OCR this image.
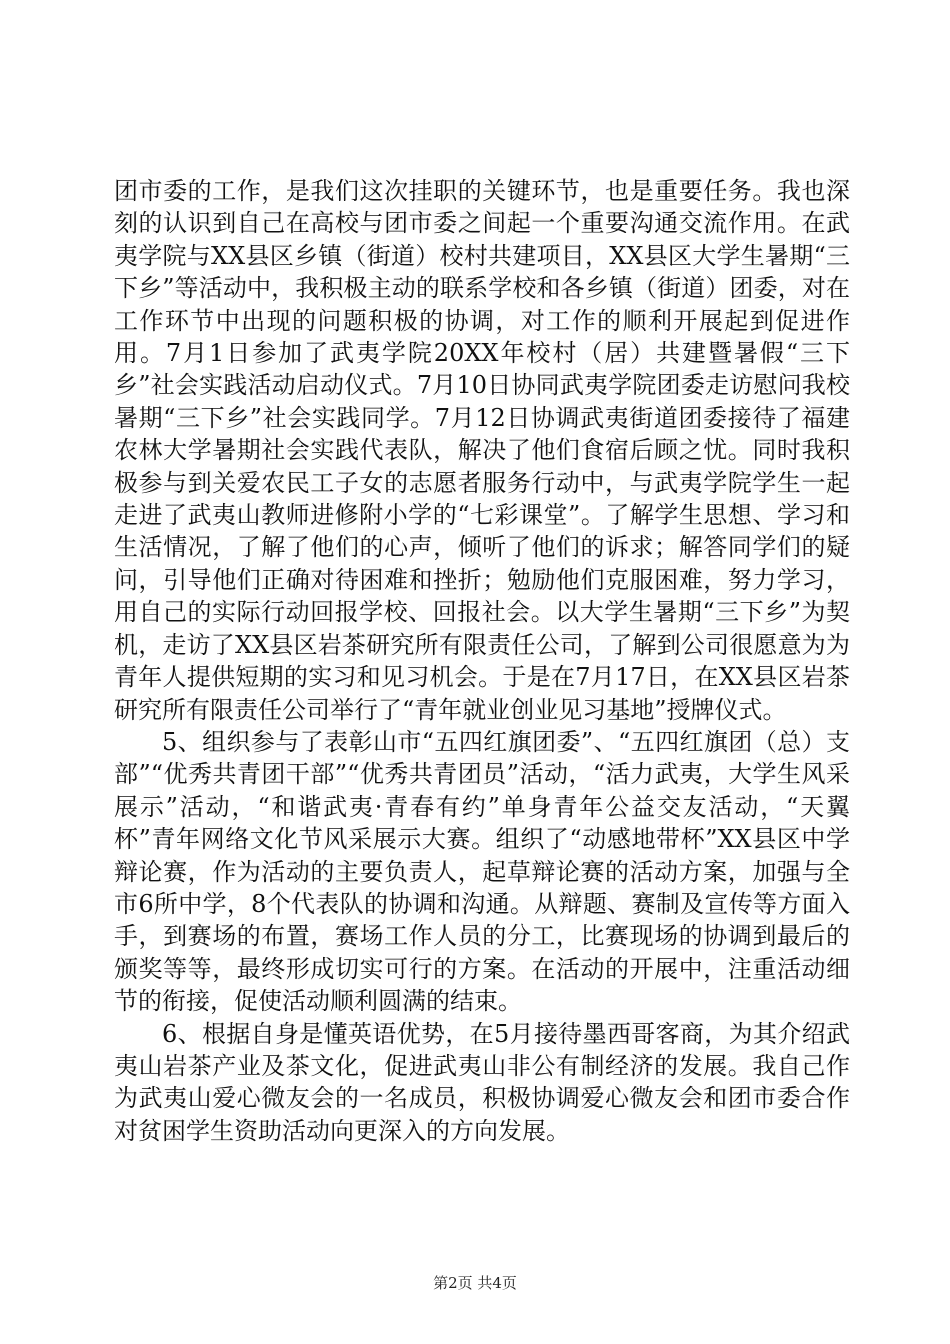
团市委的工作，是我们这次挂职的关键环节，也是重要任务。我也深刻的认识到自己在高校与团市委之间起一个重要沟通交流作用。在武夷学院与XX县区乡镇（街道）校村共建项目，XX县区大学生暑期“三下乡”等活动中，我积极主动的联系学校和各乡镇（街道）团委，对在工作环节中出现的问题积极的协调，对工作的顺利开展起到促进作用。7月1日参加了武夷学院20XX年校村（居）共建暨暑假“三下乡”社会实践活动启动仪式。7月10日协同武夷学院团委走访慰问我校暑期“三下乡”社会实践同学。7月12日协调武夷街道团委接待了福建农林大学暑期社会实践代表队，解决了他们食宿后顾之忧。同时我积极参与到关爱农民工子女的志愿者服务行动中，与武夷学院学生一起走进了武夷山教师进修附小学的“七彩课堂”。了解学生思想、学习和生活情况，了解了他们的心声，倾听了他们的诉求；解答同学们的疑问，引导他们正确对待困难和挫折；勉励他们克服困难，努力学习，用自己的实际行动回报学校、回报社会。以大学生暑期“三下乡”为契机，走访了XX县区岩茶研究所有限责任公司，了解到公司很愿意为为青年人提供短期的实习和见习机会。于是在7月17日，在XX县区岩茶研究所有限责任公司举行了“青年就业创业见习基地”授牌仪式。

5、组织参与了表彰山市“五四红旗团委”、“五四红旗团（总）支部”“优秀共青团干部”“优秀共青团员”活动，“活力武夷，大学生风采展示”活动，“和谐武夷·青春有约”单身青年公益交友活动，“天翼杯”青年网络文化节风采展示大赛。组织了“动感地带杯”XX县区中学辩论赛，作为活动的主要负责人，起草辩论赛的活动方案，加强与全市6所中学，8个代表队的协调和沟通。从辩题、赛制及宣传等方面入手，到赛场的布置，赛场工作人员的分工，比赛现场的协调到最后的颁奖等等，最终形成切实可行的方案。在活动的开展中，注重活动细节的衔接，促使活动顺利圆满的结束。

6、根据自身是懂英语优势，在5月接待墨西哥客商，为其介绍武夷山岩茶产业及茶文化，促进武夷山非公有制经济的发展。我自己作为武夷山爱心微友会的一名成员，积极协调爱心微友会和团市委合作对贫困学生资助活动向更深入的方向发展。

第2页 共4页
